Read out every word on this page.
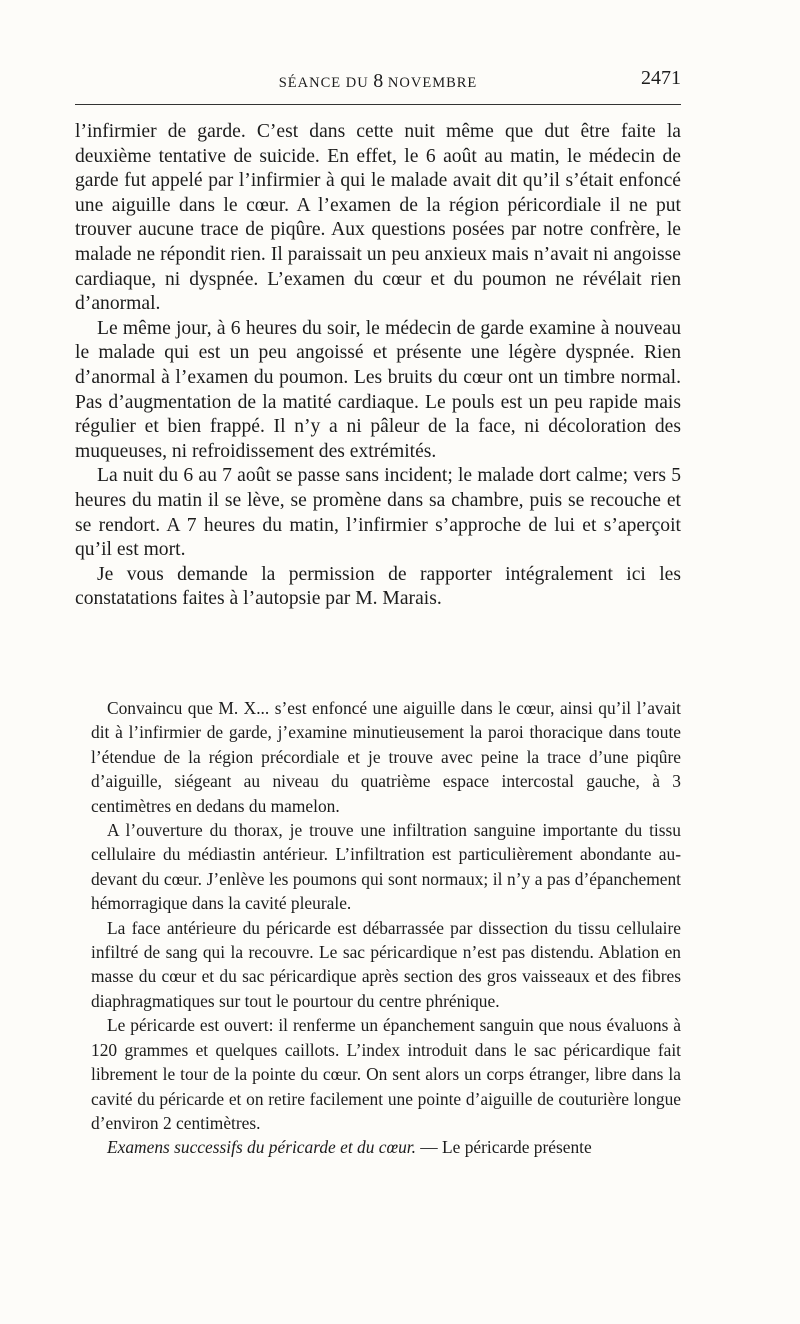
SÉANCE DU 8 NOVEMBRE	2471

l’infirmier de garde. C’est dans cette nuit même que dut être faite la deuxième tentative de suicide. En effet, le 6 août au matin, le médecin de garde fut appelé par l’infirmier à qui le malade avait dit qu’il s’était enfoncé une aiguille dans le cœur. A l’examen de la région péricordiale il ne put trouver aucune trace de piqûre. Aux questions posées par notre confrère, le malade ne répondit rien. Il paraissait un peu anxieux mais n’avait ni angoisse cardiaque, ni dyspnée. L’examen du cœur et du poumon ne révélait rien d’anormal.

Le même jour, à 6 heures du soir, le médecin de garde examine à nouveau le malade qui est un peu angoissé et présente une légère dyspnée. Rien d’anormal à l’examen du poumon. Les bruits du cœur ont un timbre normal. Pas d’augmentation de la matité cardiaque. Le pouls est un peu rapide mais régulier et bien frappé. Il n’y a ni pâleur de la face, ni décoloration des muqueuses, ni refroidissement des extrémités.

La nuit du 6 au 7 août se passe sans incident; le malade dort calme; vers 5 heures du matin il se lève, se promène dans sa chambre, puis se recouche et se rendort. A 7 heures du matin, l’infirmier s’approche de lui et s’aperçoit qu’il est mort.

Je vous demande la permission de rapporter intégralement ici les constatations faites à l’autopsie par M. Marais.

Convaincu que M. X... s’est enfoncé une aiguille dans le cœur, ainsi qu’il l’avait dit à l’infirmier de garde, j’examine minutieusement la paroi thoracique dans toute l’étendue de la région précordiale et je trouve avec peine la trace d’une piqûre d’aiguille, siégeant au niveau du quatrième espace intercostal gauche, à 3 centimètres en dedans du mamelon.

A l’ouverture du thorax, je trouve une infiltration sanguine importante du tissu cellulaire du médiastin antérieur. L’infiltration est particulièrement abondante au-devant du cœur. J’enlève les poumons qui sont normaux; il n’y a pas d’épanchement hémorragique dans la cavité pleurale.

La face antérieure du péricarde est débarrassée par dissection du tissu cellulaire infiltré de sang qui la recouvre. Le sac péricardique n’est pas distendu. Ablation en masse du cœur et du sac péricardique après section des gros vaisseaux et des fibres diaphragmatiques sur tout le pourtour du centre phrénique.

Le péricarde est ouvert: il renferme un épanchement sanguin que nous évaluons à 120 grammes et quelques caillots. L’index introduit dans le sac péricardique fait librement le tour de la pointe du cœur. On sent alors un corps étranger, libre dans la cavité du péricarde et on retire facilement une pointe d’aiguille de couturière longue d’environ 2 centimètres.

Examens successifs du péricarde et du cœur. — Le péricarde présente
